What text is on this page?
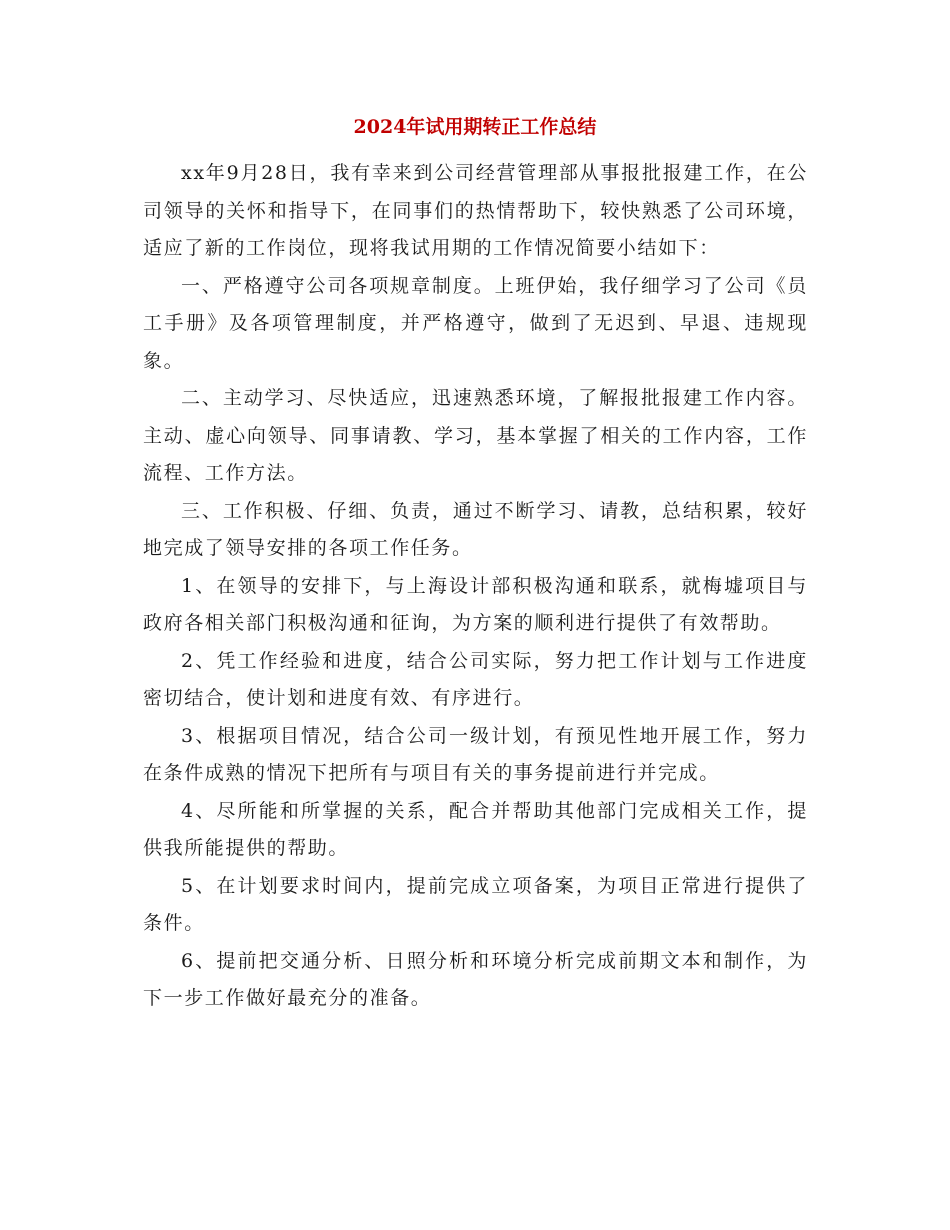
2024年试用期转正工作总结

xx年9月28日，我有幸来到公司经营管理部从事报批报建工作，在公司领导的关怀和指导下，在同事们的热情帮助下，较快熟悉了公司环境，适应了新的工作岗位，现将我试用期的工作情况简要小结如下：

一、严格遵守公司各项规章制度。上班伊始，我仔细学习了公司《员工手册》及各项管理制度，并严格遵守，做到了无迟到、早退、违规现象。

二、主动学习、尽快适应，迅速熟悉环境，了解报批报建工作内容。主动、虚心向领导、同事请教、学习，基本掌握了相关的工作内容，工作流程、工作方法。

三、工作积极、仔细、负责，通过不断学习、请教，总结积累，较好地完成了领导安排的各项工作任务。

1、在领导的安排下，与上海设计部积极沟通和联系，就梅墟项目与政府各相关部门积极沟通和征询，为方案的顺利进行提供了有效帮助。

2、凭工作经验和进度，结合公司实际，努力把工作计划与工作进度密切结合，使计划和进度有效、有序进行。

3、根据项目情况，结合公司一级计划，有预见性地开展工作，努力在条件成熟的情况下把所有与项目有关的事务提前进行并完成。

4、尽所能和所掌握的关系，配合并帮助其他部门完成相关工作，提供我所能提供的帮助。

5、在计划要求时间内，提前完成立项备案，为项目正常进行提供了条件。

6、提前把交通分析、日照分析和环境分析完成前期文本和制作，为下一步工作做好最充分的准备。
